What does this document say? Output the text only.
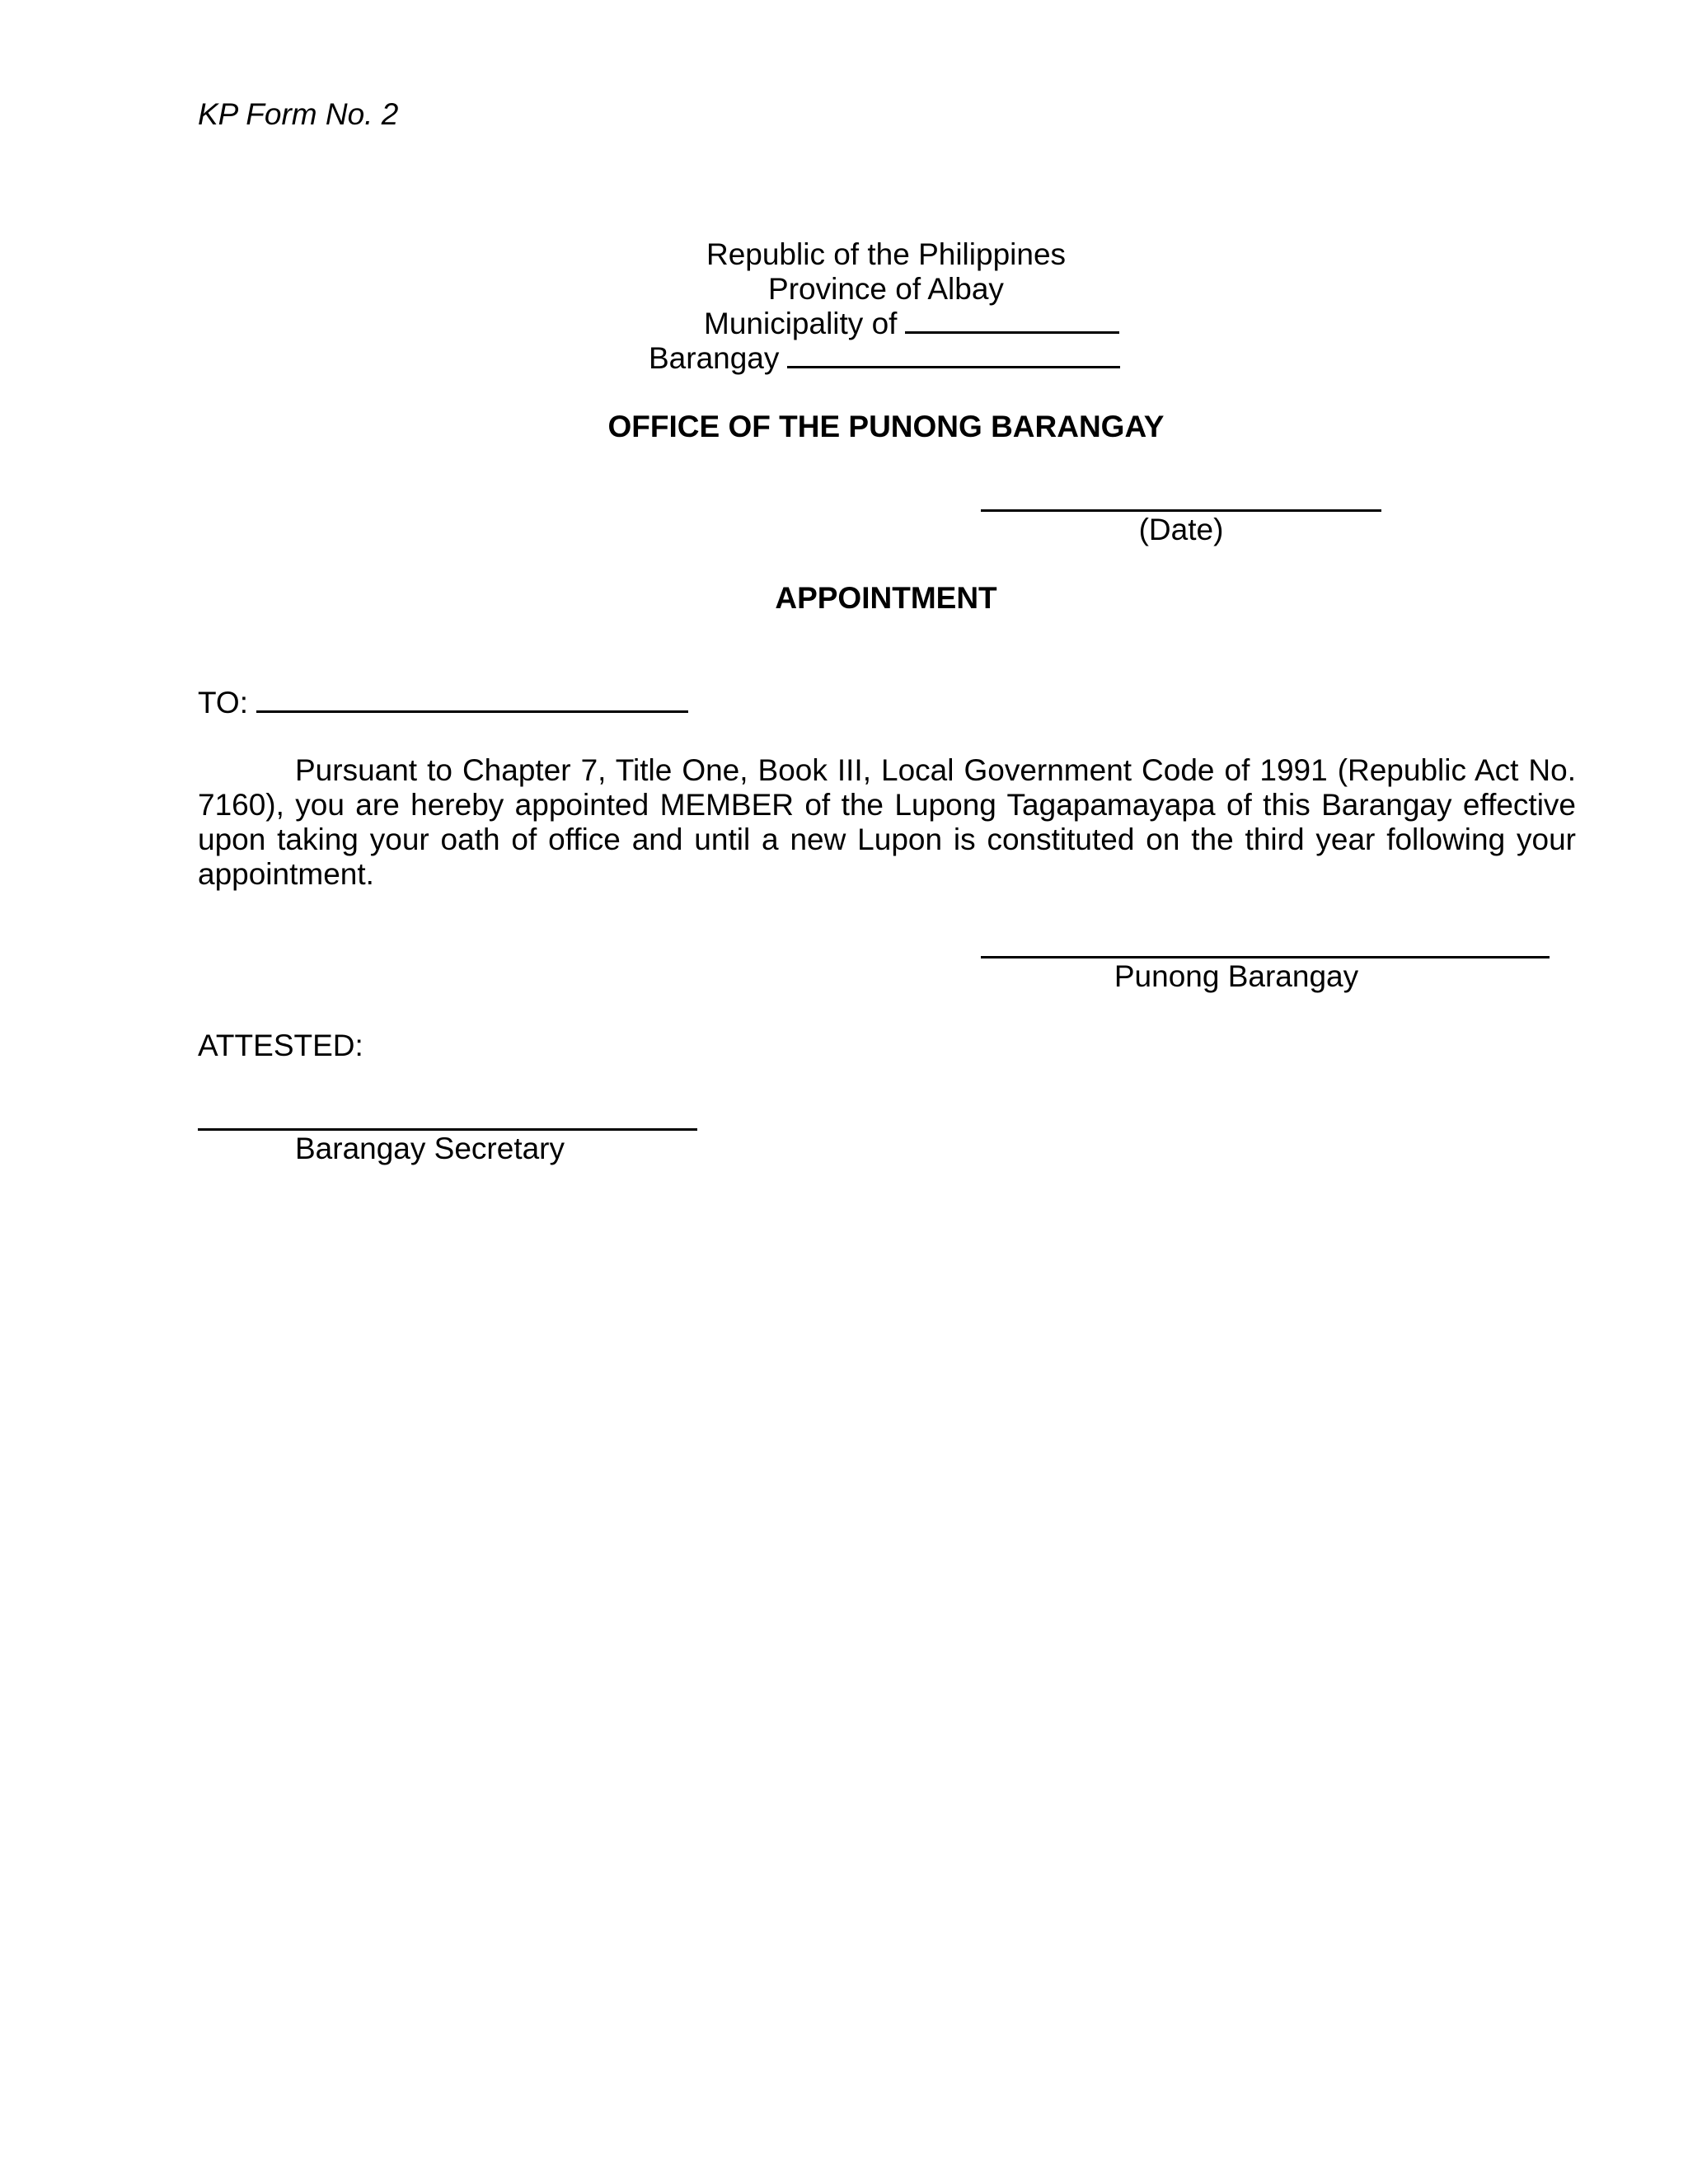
KP Form No. 2
Republic of the Philippines
Province of Albay
Municipality of
Barangay
OFFICE OF THE PUNONG BARANGAY
(Date)
APPOINTMENT
TO:
Pursuant to Chapter 7, Title One, Book III, Local Government Code of 1991 (Republic Act No. 7160), you are hereby appointed MEMBER of the Lupong Tagapamayapa of this Barangay effective upon taking your oath of office and until a new Lupon is constituted on the third year following your appointment.
Punong Barangay
ATTESTED:
Barangay Secretary
